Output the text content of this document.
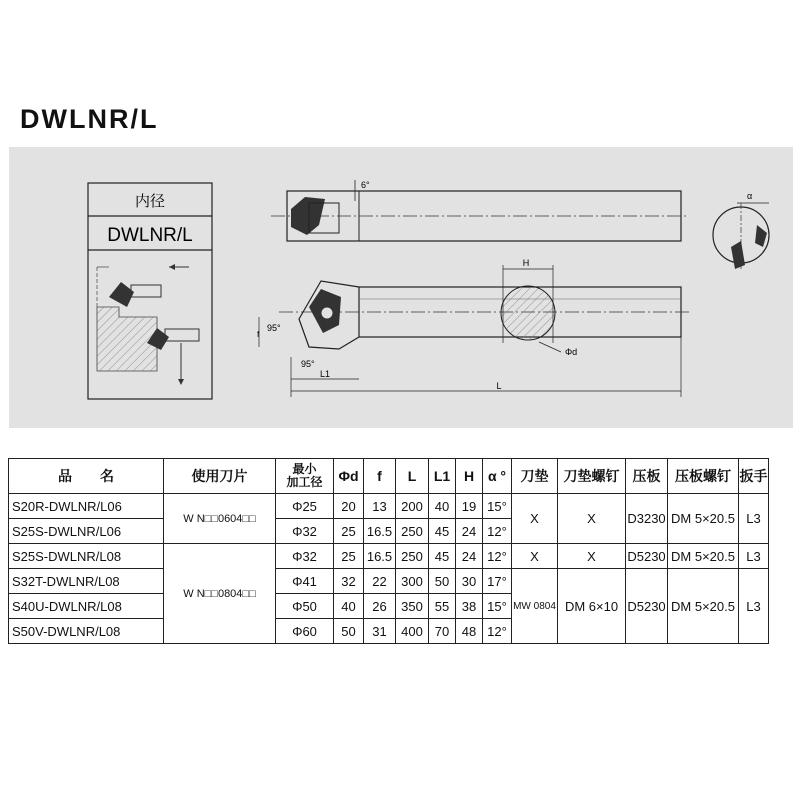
DWLNR/L
内径
DWLNR/L
6°
H
Φd
f
95°
95°
L1
L
α
品　　名	使用刀片	最小
加工径	Φd	f	L	L1	H	α °	刀垫	刀垫螺钉	压板	压板螺钉	扳手
S20R-DWLNR/L06	W N□□0604□□	Φ25	20	13	200	40	19	15°	X	X	D3230	DM 5×20.5	L3
S25S-DWLNR/L06		Φ32	25	16.5	250	45	24	12°					
S25S-DWLNR/L08	W N□□0804□□	Φ32	25	16.5	250	45	24	12°	X	X	D5230	DM 5×20.5	L3
S32T-DWLNR/L08		Φ41	32	22	300	50	30	17°	MW 0804	DM 6×10	D5230	DM 5×20.5	L3
S40U-DWLNR/L08		Φ50	40	26	350	55	38	15°					
S50V-DWLNR/L08		Φ60	50	31	400	70	48	12°					
